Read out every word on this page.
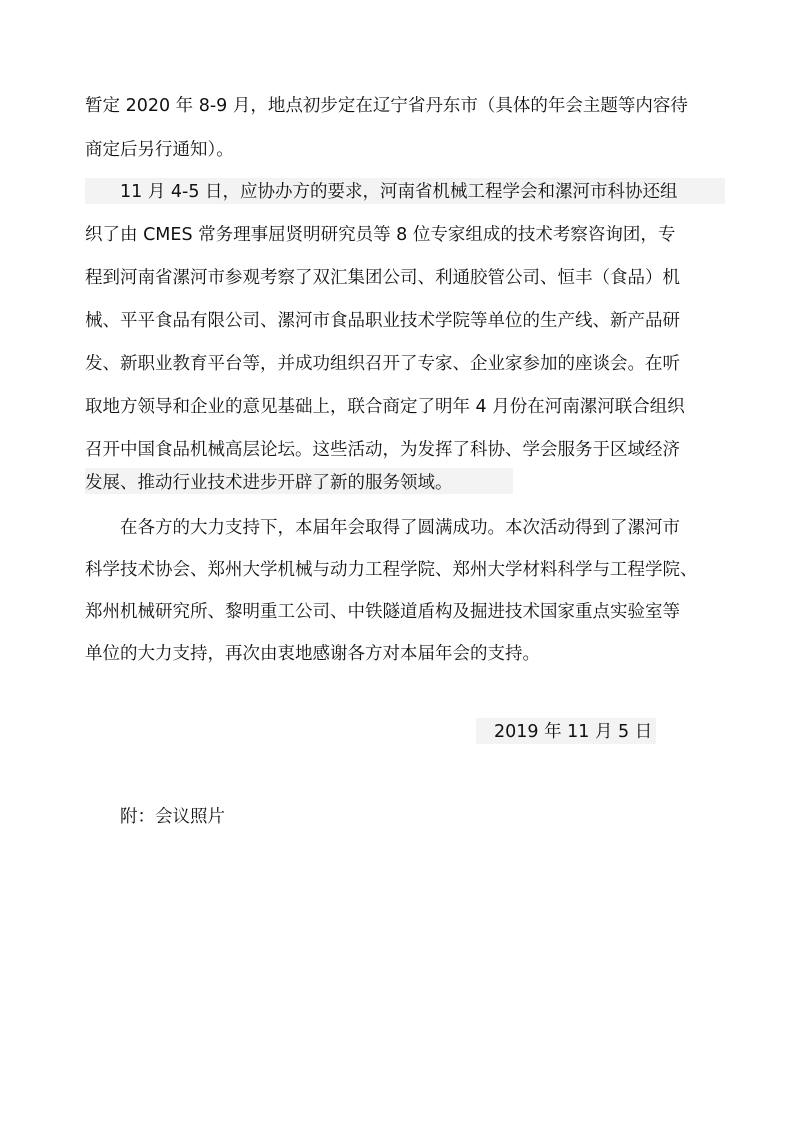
暂定 2020 年 8-9 月，地点初步定在辽宁省丹东市（具体的年会主题等内容待
商定后另行通知）。
11 月 4-5 日，应协办方的要求，河南省机械工程学会和漯河市科协还组
织了由 CMES 常务理事屈贤明研究员等 8 位专家组成的技术考察咨询团，专
程到河南省漯河市参观考察了双汇集团公司、利通胶管公司、恒丰（食品）机
械、平平食品有限公司、漯河市食品职业技术学院等单位的生产线、新产品研
发、新职业教育平台等，并成功组织召开了专家、企业家参加的座谈会。在听
取地方领导和企业的意见基础上，联合商定了明年 4 月份在河南漯河联合组织
召开中国食品机械高层论坛。这些活动，为发挥了科协、学会服务于区域经济
发展、推动行业技术进步开辟了新的服务领域。
在各方的大力支持下，本届年会取得了圆满成功。本次活动得到了漯河市
科学技术协会、郑州大学机械与动力工程学院、郑州大学材料科学与工程学院、
郑州机械研究所、黎明重工公司、中铁隧道盾构及掘进技术国家重点实验室等
单位的大力支持，再次由衷地感谢各方对本届年会的支持。
2019 年 11 月 5 日
附：会议照片
